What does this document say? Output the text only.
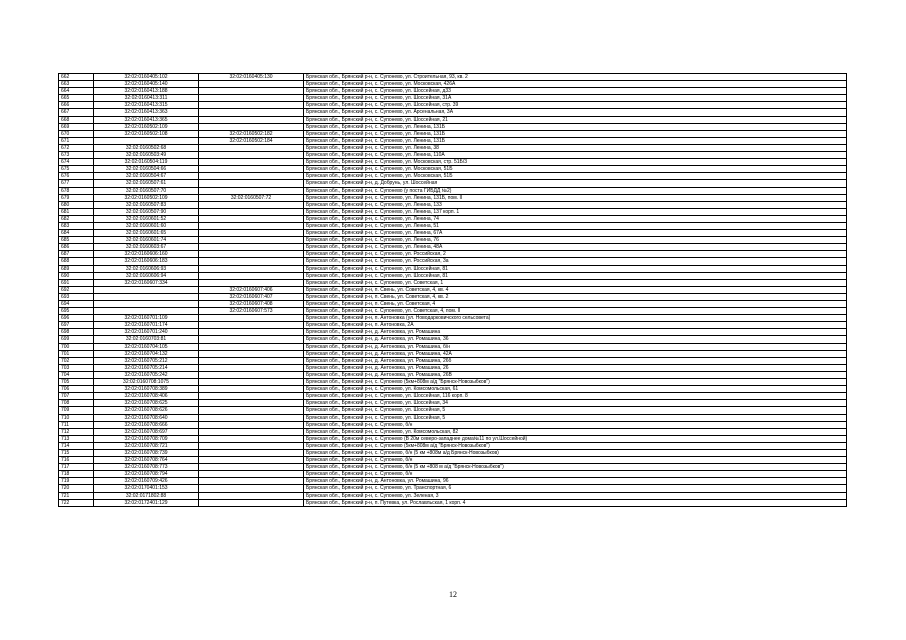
662	32:02:0160405:102	32:02:0160405:130	Брянская обл., Брянский р-н, с. Супонево, ул. Строительная, 93, кв. 2
663	32:02:0160405:140		Брянская обл., Брянский р-н, с. Супонево, ул. Московская, 426А
664	32:02:0160413:188		Брянская обл., Брянский р-н, с. Супонево, ул. Шоссейная, д33
665	32:02:0160413:311		Брянская обл., Брянский р-н, с. Супонево, ул. Шоссейная, 31А
666	32:02:0160413:315		Брянская обл., Брянский р-н, с. Супонево, ул. Шоссейная, стр. 39
667	32:02:0160413:363		Брянская обл., Брянский р-н, с. Супонево, ул. Арсенальная, 3А
668	32:02:0160413:365		Брянская обл., Брянский р-н, с. Супонево, ул. Шоссейная, 21
669	32:02:0160502:109		Брянская обл., Брянский р-н, с. Супонево, ул. Ленина, 131Б
670	32:02:0160502:108	32:02:0160502:182	Брянская обл., Брянский р-н, с. Супонево, ул. Ленина, 131Б
671		32:02:0160502:184	Брянская обл., Брянский р-н, с. Супонево, ул. Ленина, 131Б
672	32:02:0160502:68		Брянская обл., Брянский р-н, с. Супонево, ул. Ленина, 38
673	32:02:0160503:49		Брянская обл., Брянский р-н, с. Супонево, ул. Ленина, 110А
674	32:02:0160504:119		Брянская обл., Брянский р-н, с. Супонево, ул. Московская, стр. 51Б/3
675	32:02:0160504:66		Брянская обл., Брянский р-н, с. Супонево, ул. Московская, 51Б
676	32:02:0160504:67		Брянская обл., Брянский р-н, с. Супонево, ул. Московская, 51Б
677	32:02:0160507:61		Брянская обл., Брянский р-н, д. Добрунь, ул. Шоссейная
678	32:02:0160507:70		Брянская обл., Брянский р-н, с. Супонево (у поста ГИБДД №2)
679	32:02:0160502:109	32:02:0160507:72	Брянская обл., Брянский р-н, с. Супонево, ул. Ленина, 131Б, пом. II
680	32:02:0160507:83		Брянская обл., Брянский р-н, с. Супонево, ул. Ленина, 133
681	32:02:0160507:90		Брянская обл., Брянский р-н, с. Супонево, ул. Ленина, 137 корп. 1
682	32:02:0160601:52		Брянская обл., Брянский р-н, с. Супонево, ул. Ленина, 74
683	32:02:0160601:60		Брянская обл., Брянский р-н, с. Супонево, ул. Ленина, 51
684	32:02:0160601:65		Брянская обл., Брянский р-н, с. Супонево, ул. Ленина, 67А
685	32:02:0160601:74		Брянская обл., Брянский р-н, с. Супонево, ул. Ленина, 76
686	32:02:0160603:67		Брянская обл., Брянский р-н, с. Супонево, ул. Ленина, 48А
687	32:02:0160606:160		Брянская обл., Брянский р-н, с. Супонево, ул. Российская, 2
688	32:02:0160606:183		Брянская обл., Брянский р-н, с. Супонево, ул. Российская, 3а
689	32:02:0160606:93		Брянская обл., Брянский р-н, с. Супонево, ул. Шоссейная, 81
690	32:02:0160606:94		Брянская обл., Брянский р-н, с. Супонево, ул. Шоссейная, 81
691	32:02:0160607:334		Брянская обл., Брянский р-н, с. Супонево, ул. Советская, 1
692		32:02:0160607:406	Брянская обл., Брянский р-н, п. Свень, ул. Советская, 4, кв. 4
693		32:02:0160607:407	Брянская обл., Брянский р-н, п. Свень, ул. Советская, 4, кв. 2
694		32:02:0160607:408	Брянская обл., Брянский р-н, п. Свень, ул. Советская, 4
695		32:02:0160607:573	Брянская обл., Брянский р-н, с. Супонево, ул. Советская, 4, пом. II
696	32:02:0160701:109		Брянская обл., Брянский р-н, п. Антоновка (ул. Новодарковичского сельсовета)
697	32:02:0160701:174		Брянская обл., Брянский р-н, п. Антоновка, 2А
698	32:02:0160701:240		Брянская обл., Брянский р-н, д. Антоновка, ул. Ромашина
699	32:02:0160703:81		Брянская обл., Брянский р-н, д. Антоновка, ул. Ромашина, 36
700	32:02:0160704:105		Брянская обл., Брянский р-н, д. Антоновка, ул. Ромашина, б/н
701	32:02:0160704:132		Брянская обл., Брянский р-н, д. Антоновка, ул. Ромашина, 42А
702	32:02:0160705:212		Брянская обл., Брянский р-н, д. Антоновка, ул. Ромашина, 26б
703	32:02:0160705:214		Брянская обл., Брянский р-н, д. Антоновка, ул. Ромашина, 26
704	32:02:0160705:242		Брянская обл., Брянский р-н, д. Антоновка, ул. Ромашина, 26В
705	32:02:0160708:1075		Брянская обл., Брянский р-н, с. Супонево (5км+808м а/д "Брянск-Новозыбков")
706	32:02:0160708:389		Брянская обл., Брянский р-н, с. Супонево, ул. Комсомольская, 61
707	32:02:0160708:406		Брянская обл., Брянский р-н, с. Супонево, ул. Шоссейная, 116 корп. 8
708	32:02:0160708:625		Брянская обл., Брянский р-н, с. Супонево, ул. Шоссейная, 34
709	32:02:0160708:626		Брянская обл., Брянский р-н, с. Супонево, ул. Шоссейная, 5
710	32:02:0160708:640		Брянская обл., Брянский р-н, с. Супонево, ул. Шоссейная, 5
711	32:02:0160708:666		Брянская обл., Брянский р-н, с. Супонево, б/н
712	32:02:0160708:697		Брянская обл., Брянский р-н, с. Супонево, ул. Комсомольская, 82
713	32:02:0160708:709		Брянская обл., Брянский р-н, с. Супонево (В 20м северо-западнее дома№11 по ул.Шоссейной)
714	32:02:0160708:721		Брянская обл., Брянский р-н, с. Супонево (5км+808м а/д "Брянск-Новозыбков")
715	32:02:0160708:739		Брянская обл., Брянский р-н, с. Супонево, б/н (5 км +808м а/д Брянск-Новозыбков)
716	32:02:0160708:764		Брянская обл., Брянский р-н, с. Супонево, б/н
717	32:02:0160708:773		Брянская обл., Брянский р-н, с. Супонево, б/н (5 км +808 м а/д "Брянск-Новозыбков")
718	32:02:0160708:794		Брянская обл., Брянский р-н, с. Супонево, б/н
719	32:02:0160709:426		Брянская обл., Брянский р-н, д. Антоновка, ул. Ромашина, 96
720	32:02:0170401:153		Брянская обл., Брянский р-н, с. Супонево, ул. Транспортная, 6
721	32:02:0171802:88		Брянская обл., Брянский р-н, с. Супонево, ул. Зеленая, 3
722	32:02:0172401:129		Брянская обл., Брянский р-н, п. Путевка, ул. Рославльская, 1 корп. 4
12
